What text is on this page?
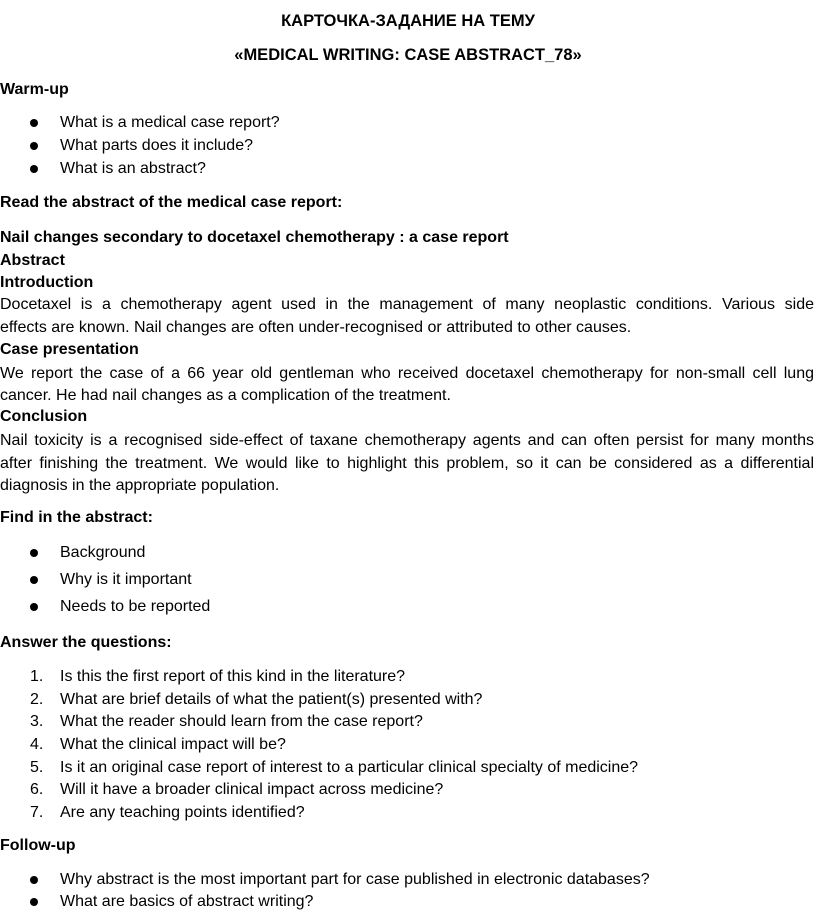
КАРТОЧКА-ЗАДАНИЕ НА ТЕМУ
«MEDICAL WRITING: CASE ABSTRACT_78»
Warm-up
What is a medical case report?
What parts does it include?
What is an abstract?
Read the abstract of the medical case report:
Nail changes secondary to docetaxel chemotherapy : a case report
Abstract
Introduction
Docetaxel is a chemotherapy agent used in the management of many neoplastic conditions. Various side
effects are known. Nail changes are often under-recognised or attributed to other causes.
Case presentation
We report the case of a 66 year old gentleman who received docetaxel chemotherapy for non-small cell lung
cancer. He had nail changes as a complication of the treatment.
Conclusion
Nail toxicity is a recognised side-effect of taxane chemotherapy agents and can often persist for many months
after finishing the treatment. We would like to highlight this problem, so it can be considered as a differential
diagnosis in the appropriate population.
Find in the abstract:
Background
Why is it important
Needs to be reported
Answer the questions:
1. Is this the first report of this kind in the literature?
2. What are brief details of what the patient(s) presented with?
3. What the reader should learn from the case report?
4. What the clinical impact will be?
5. Is it an original case report of interest to a particular clinical specialty of medicine?
6. Will it have a broader clinical impact across medicine?
7. Are any teaching points identified?
Follow-up
Why abstract is the most important part for case published in electronic databases?
What are basics of abstract writing?
